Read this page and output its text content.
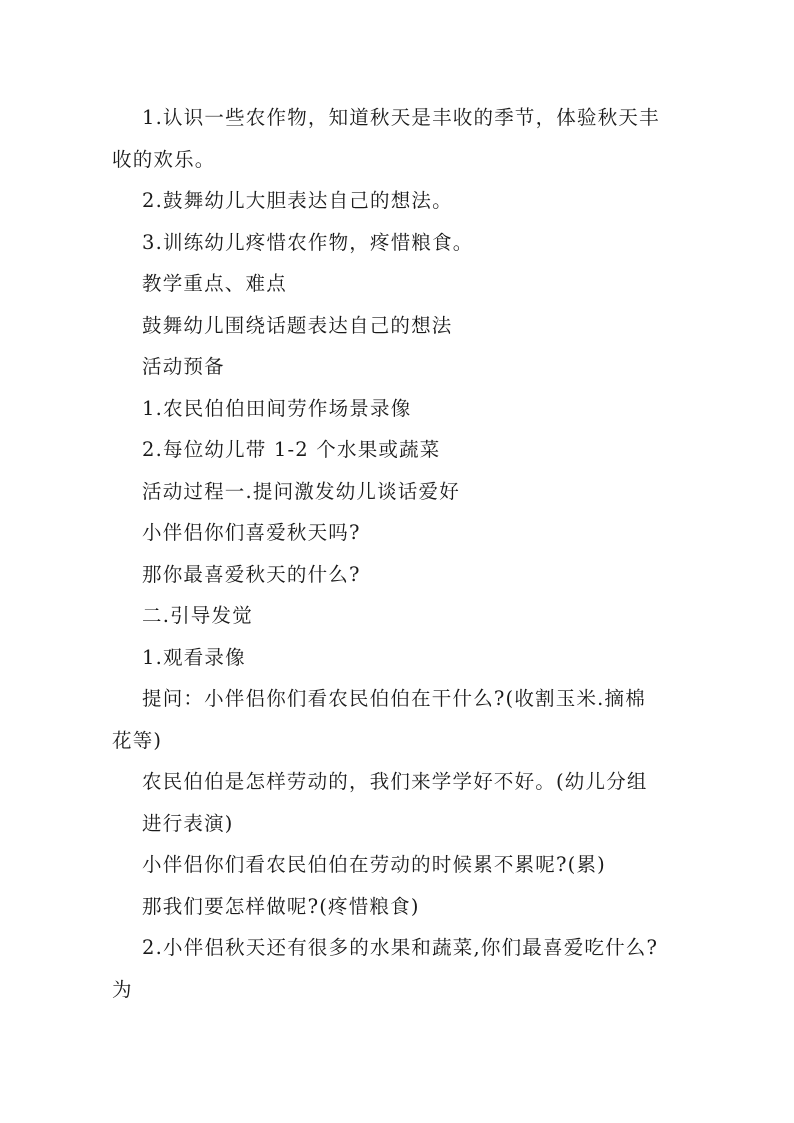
1.认识一些农作物，知道秋天是丰收的季节，体验秋天丰
收的欢乐。
2.鼓舞幼儿大胆表达自己的想法。
3.训练幼儿疼惜农作物，疼惜粮食。
教学重点、难点
鼓舞幼儿围绕话题表达自己的想法
活动预备
1.农民伯伯田间劳作场景录像
2.每位幼儿带 1-2 个水果或蔬菜
活动过程一.提问激发幼儿谈话爱好
小伴侣你们喜爱秋天吗?
那你最喜爱秋天的什么?
二.引导发觉
1.观看录像
提问：小伴侣你们看农民伯伯在干什么?(收割玉米.摘棉
花等)
农民伯伯是怎样劳动的，我们来学学好不好。(幼儿分组
进行表演)
小伴侣你们看农民伯伯在劳动的时候累不累呢?(累)
那我们要怎样做呢?(疼惜粮食)
2.小伴侣秋天还有很多的水果和蔬菜,你们最喜爱吃什么?
为
